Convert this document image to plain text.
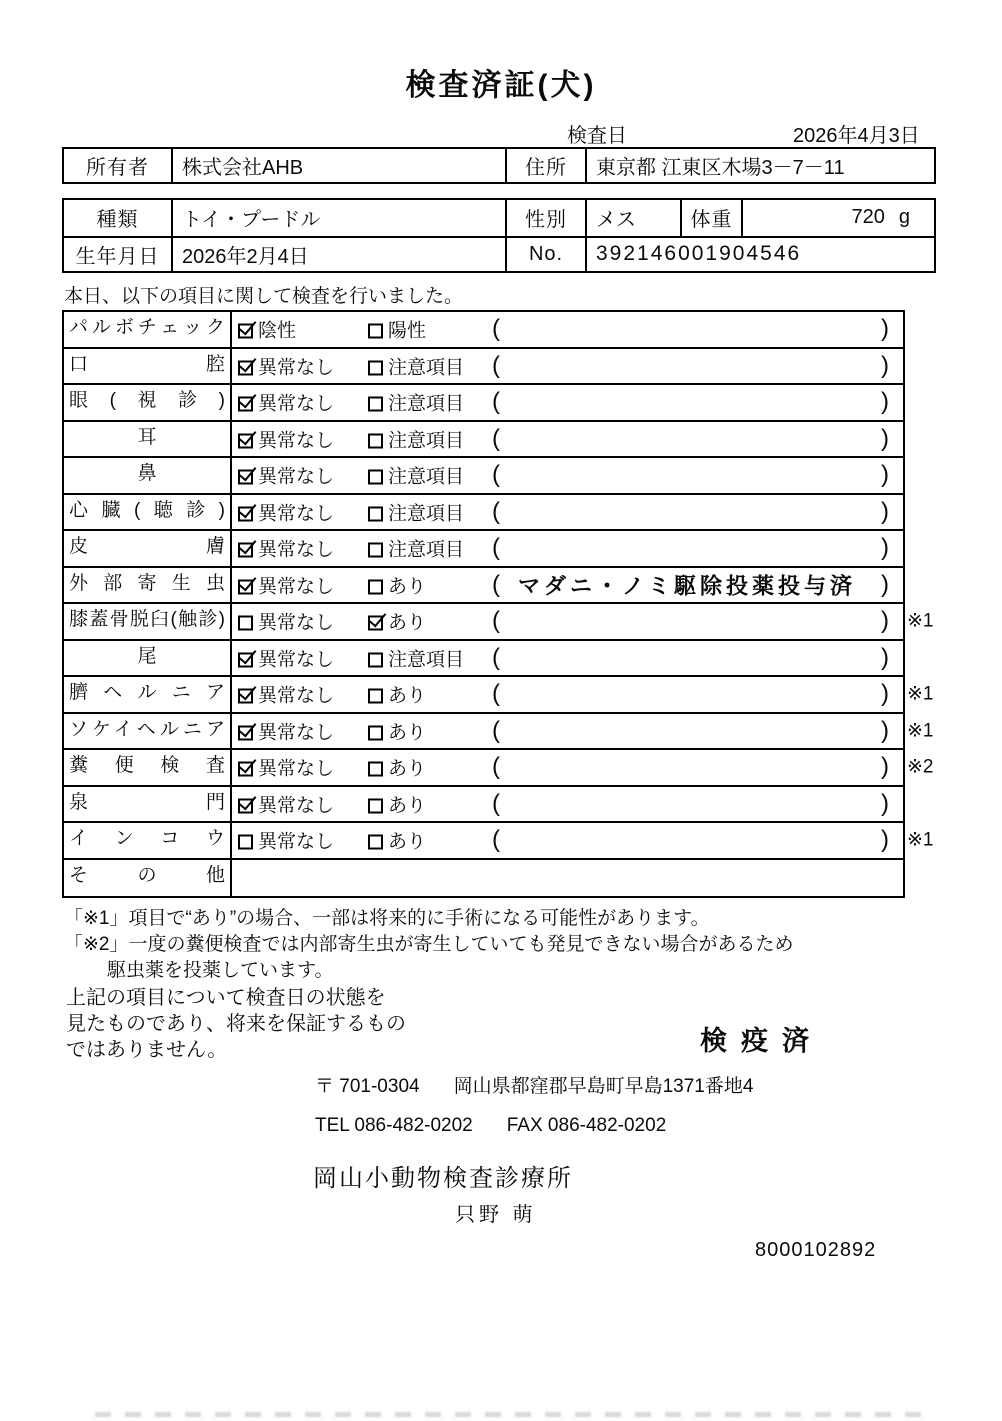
検査済証(犬)
検査日	2026年4月3日
所有者	株式会社AHB	住所	東京都 江東区木場3－7－11
種類	トイ・プードル	性別	メス	体重	720 g
生年月日	2026年2月4日	No.	392146001904546
本日、以下の項目に関して検査を行いました。
パルボチェック	陰性	陽性	(	)
口腔	異常なし	注意項目 (	)
眼(視診)	異常なし	注意項目 (	)
耳	異常なし	注意項目 (	)
鼻	異常なし	注意項目 (	)
心臓(聴診)	異常なし	注意項目 (	)
皮膚	異常なし	注意項目 (	)
外部寄生虫	異常なし	あり	( マダニ・ノミ駆除投薬投与済 )
膝蓋骨脱臼(触診)	異常なし	あり	(	) ※1
尾	異常なし	注意項目 (	)
臍ヘルニア	異常なし	あり	(	) ※1
ソケイヘルニア	異常なし	あり	(	) ※1
糞便検査	異常なし	あり	(	) ※2
泉門	異常なし	あり	(	)
インコウ	異常なし	あり	(	) ※1
その他
「※1」項目で“あり”の場合、一部は将来的に手術になる可能性があります。
「※2」一度の糞便検査では内部寄生虫が寄生していても発見できない場合があるため
駆虫薬を投薬しています。
上記の項目について検査日の状態を
見たものであり、将来を保証するもの
ではありません。	検疫済
〒 701-0304 岡山県都窪郡早島町早島1371番地4
TEL 086-482-0202 FAX 086-482-0202
岡山小動物検査診療所
只野 萌
8000102892
